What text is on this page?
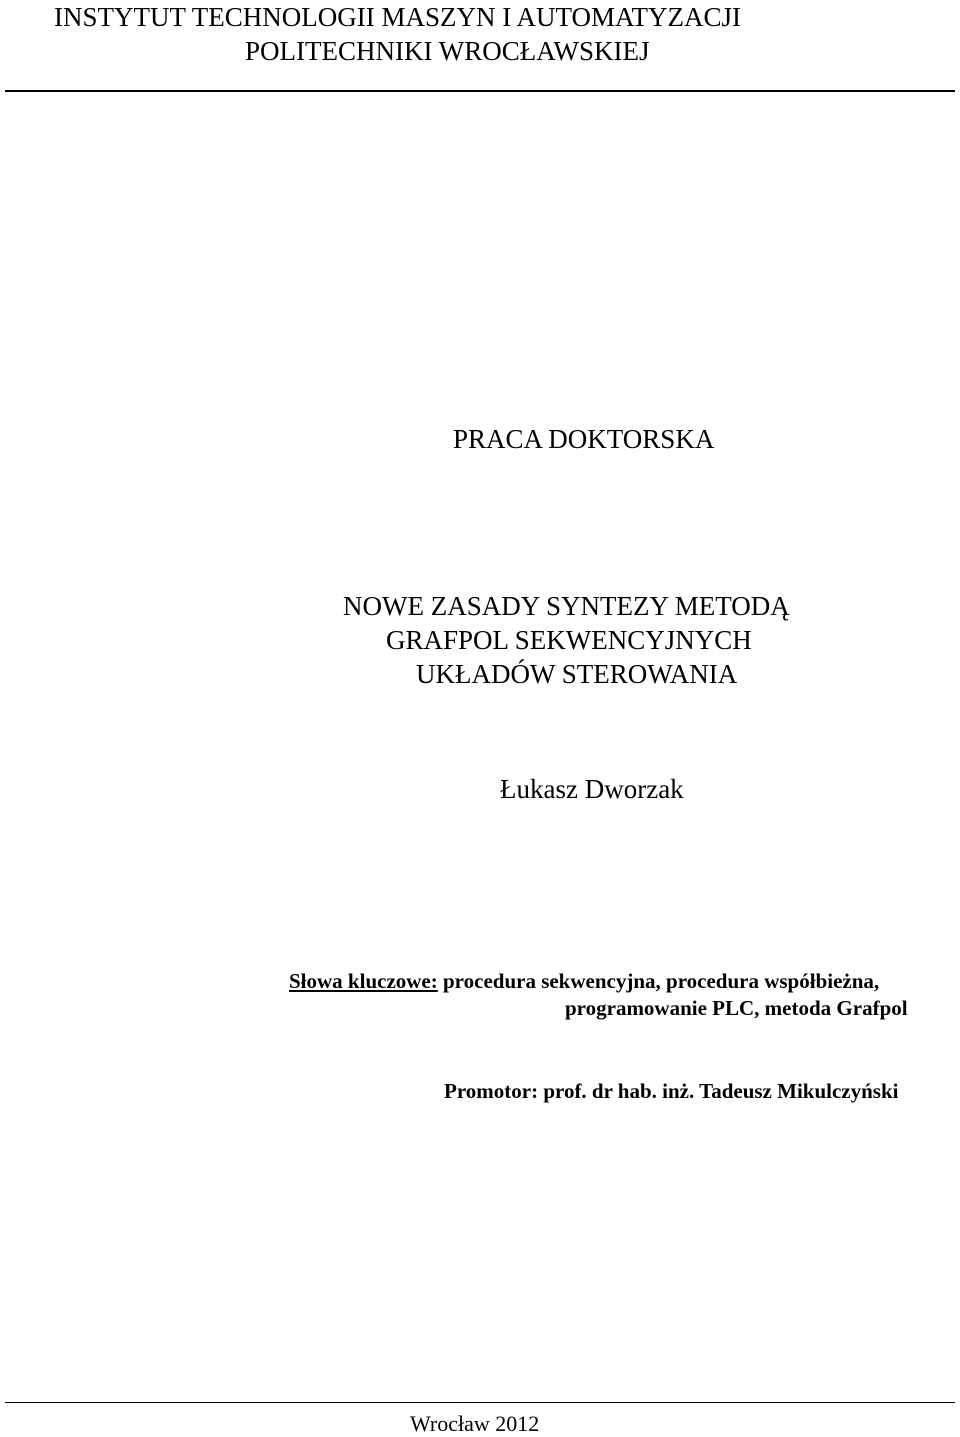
INSTYTUT TECHNOLOGII MASZYN I AUTOMATYZACJI
POLITECHNIKI WROCŁAWSKIEJ
PRACA DOKTORSKA
NOWE ZASADY SYNTEZY METODĄ
GRAFPOL SEKWENCYJNYCH
UKŁADÓW STEROWANIA
Łukasz Dworzak
Słowa kluczowe: procedura sekwencyjna, procedura współbieżna,
programowanie PLC, metoda Grafpol
Promotor: prof. dr hab. inż. Tadeusz Mikulczyński
Wrocław 2012
